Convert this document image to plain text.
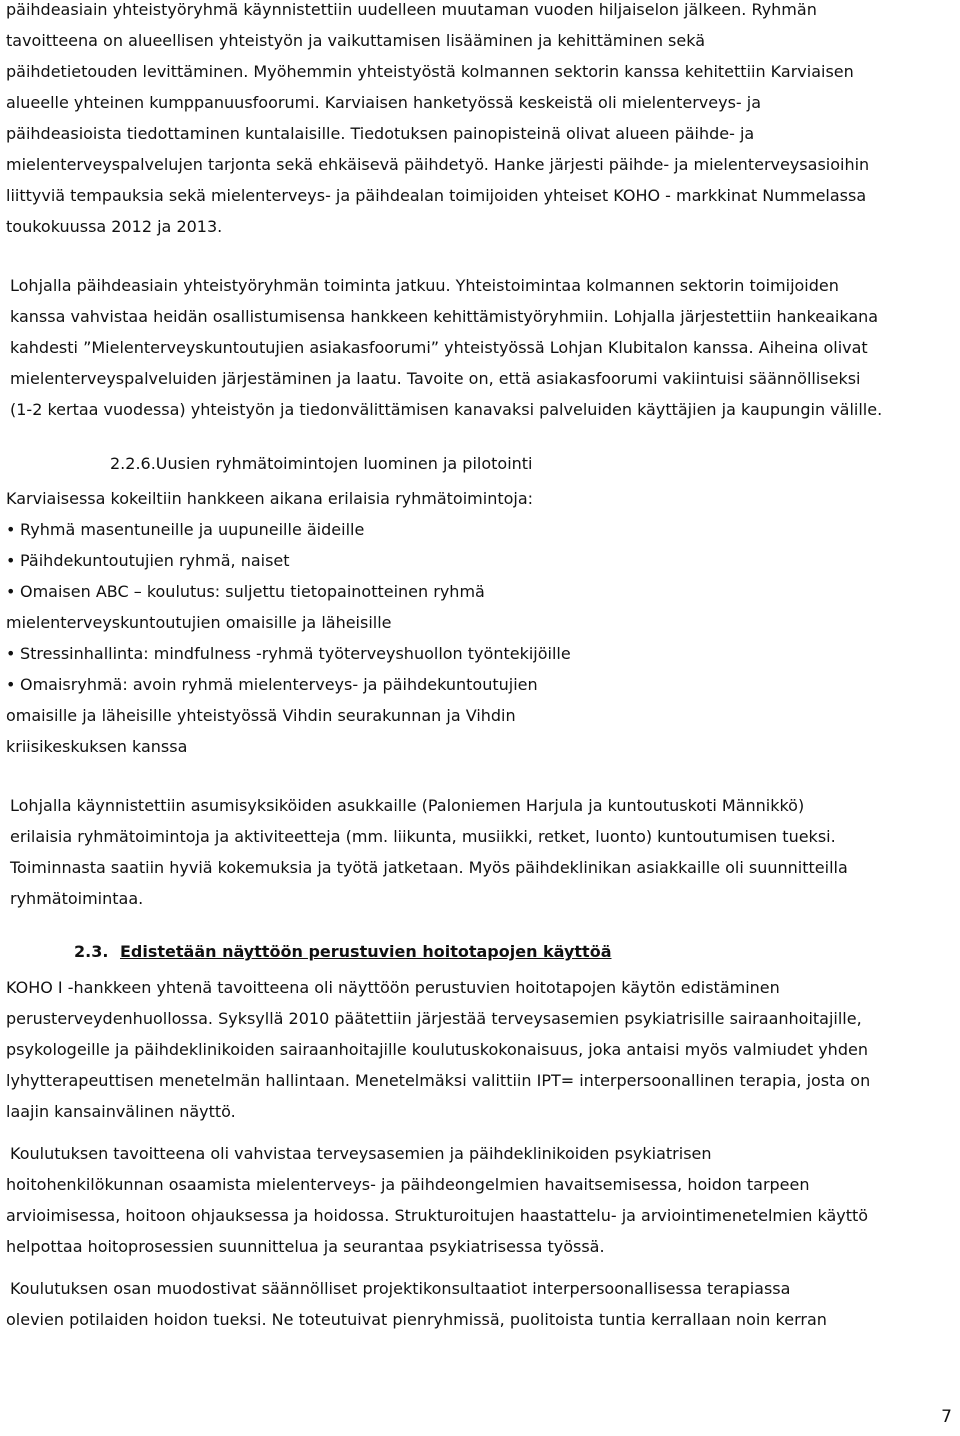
päihdeasiain yhteistyöryhmä käynnistettiin uudelleen muutaman vuoden hiljaiselon jälkeen. Ryhmän
tavoitteena on alueellisen yhteistyön ja vaikuttamisen lisääminen ja kehittäminen sekä
päihdetietouden levittäminen. Myöhemmin yhteistyöstä kolmannen sektorin kanssa kehitettiin Karviaisen
alueelle yhteinen kumppanuusfoorumi. Karviaisen hanketyössä keskeistä oli mielenterveys- ja
päihdeasioista tiedottaminen kuntalaisille. Tiedotuksen painopisteinä olivat alueen päihde- ja
mielenterveyspalvelujen tarjonta sekä ehkäisevä päihdetyö. Hanke järjesti päihde- ja mielenterveysasioihin
liittyviä tempauksia sekä mielenterveys- ja päihdealan toimijoiden yhteiset KOHO - markkinat Nummelassa
toukokuussa 2012 ja 2013.
Lohjalla päihdeasiain yhteistyöryhmän toiminta jatkuu. Yhteistoimintaa kolmannen sektorin toimijoiden
kanssa vahvistaa heidän osallistumisensa hankkeen kehittämistyöryhmiin. Lohjalla järjestettiin hankeaikana
kahdesti ”Mielenterveyskuntoutujien asiakasfoorumi” yhteistyössä Lohjan Klubitalon kanssa. Aiheina olivat
mielenterveyspalveluiden järjestäminen ja laatu. Tavoite on, että asiakasfoorumi vakiintuisi säännölliseksi
(1-2 kertaa vuodessa) yhteistyön ja tiedonvälittämisen kanavaksi palveluiden käyttäjien ja kaupungin välille.
2.2.6.Uusien ryhmätoimintojen luominen ja pilotointi
Karviaisessa kokeiltiin hankkeen aikana erilaisia ryhmätoimintoja:
• Ryhmä masentuneille ja uupuneille äideille
• Päihdekuntoutujien ryhmä, naiset
• Omaisen ABC – koulutus: suljettu tietopainotteinen ryhmä
mielenterveyskuntoutujien omaisille ja läheisille
• Stressinhallinta: mindfulness -ryhmä työterveyshuollon työntekijöille
• Omaisryhmä: avoin ryhmä mielenterveys- ja päihdekuntoutujien
omaisille ja läheisille yhteistyössä Vihdin seurakunnan ja Vihdin
kriisikeskuksen kanssa
Lohjalla käynnistettiin asumisyksiköiden asukkaille (Paloniemen Harjula ja kuntoutuskoti Männikkö)
erilaisia ryhmätoimintoja ja aktiviteetteja (mm. liikunta, musiikki, retket, luonto) kuntoutumisen tueksi.
Toiminnasta saatiin hyviä kokemuksia ja työtä jatketaan. Myös päihdeklinikan asiakkaille oli suunnitteilla
ryhmätoimintaa.
2.3. Edistetään näyttöön perustuvien hoitotapojen käyttöä
KOHO I -hankkeen yhtenä tavoitteena oli näyttöön perustuvien hoitotapojen käytön edistäminen
perusterveydenhuollossa. Syksyllä 2010 päätettiin järjestää terveysasemien psykiatrisille sairaanhoitajille,
psykologeille ja päihdeklinikoiden sairaanhoitajille koulutuskokonaisuus, joka antaisi myös valmiudet yhden
lyhytterapeuttisen menetelmän hallintaan. Menetelmäksi valittiin IPT= interpersoonallinen terapia, josta on
laajin kansainvälinen näyttö.
Koulutuksen tavoitteena oli vahvistaa terveysasemien ja päihdeklinikoiden psykiatrisen
hoitohenkilökunnan osaamista mielenterveys- ja päihdeongelmien havaitsemisessa, hoidon tarpeen
arvioimisessa, hoitoon ohjauksessa ja hoidossa. Strukturoitujen haastattelu- ja arviointimenetelmien käyttö
helpottaa hoitoprosessien suunnittelua ja seurantaa psykiatrisessa työssä.
Koulutuksen osan muodostivat säännölliset projektikonsultaatiot interpersoonallisessa terapiassa
olevien potilaiden hoidon tueksi. Ne toteutuivat pienryhmissä, puolitoista tuntia kerrallaan noin kerran
7
